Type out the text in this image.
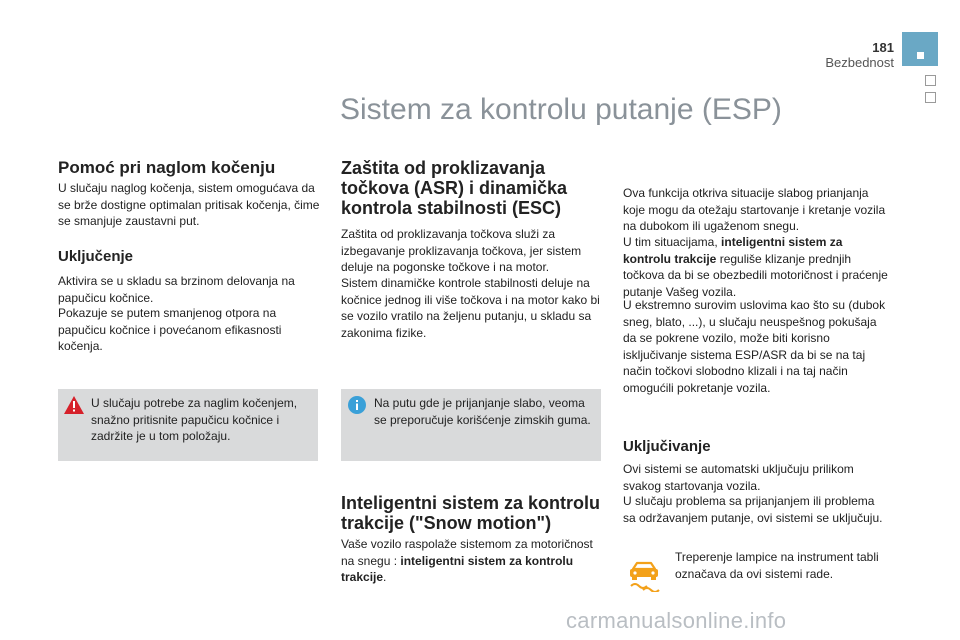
181
Bezbednost
Sistem za kontrolu putanje (ESP)
Pomoć pri naglom kočenju

U slučaju naglog kočenja, sistem omogućava da se brže dostigne optimalan pritisak kočenja, čime se smanjuje zaustavni put.

Uključenje

Aktivira se u skladu sa brzinom delovanja na papučicu kočnice.

Pokazuje se putem smanjenog otpora na papučicu kočnice i povećanom efikasnosti kočenja.

U slučaju potrebe za naglim kočenjem, snažno pritisnite papučicu kočnice i zadržite je u tom položaju.

Zaštita od proklizavanja točkova (ASR) i dinamička kontrola stabilnosti (ESC)

Zaštita od proklizavanja točkova služi za izbegavanje proklizavanja točkova, jer sistem deluje na pogonske točkove i na motor.

Sistem dinamičke kontrole stabilnosti deluje na kočnice jednog ili više točkova i na motor kako bi se vozilo vratilo na željenu putanju, u skladu sa zakonima fizike.

Na putu gde je prijanjanje slabo, veoma se preporučuje korišćenje zimskih guma.

Inteligentni sistem za kontrolu trakcije ("Snow motion")

Vaše vozilo raspolaže sistemom za motoričnost na snegu : inteligentni sistem za kontrolu trakcije.

Ova funkcija otkriva situacije slabog prianjanja koje mogu da otežaju startovanje i kretanje vozila na dubokom ili ugaženom snegu.

U tim situacijama, inteligentni sistem za kontrolu trakcije reguliše klizanje prednjih točkova da bi se obezbedili motoričnost i praćenje putanje Vašeg vozila.

U ekstremno surovim uslovima kao što su (dubok sneg, blato, ...), u slučaju neuspešnog pokušaja da se pokrene vozilo, može biti korisno isključivanje sistema ESP/ASR da bi se na taj način točkovi slobodno klizali i na taj način omogućili pokretanje vozila.

Uključivanje

Ovi sistemi se automatski uključuju prilikom svakog startovanja vozila.

U slučaju problema sa prijanjanjem ili problema sa održavanjem putanje, ovi sistemi se uključuju.

Treperenje lampice na instrument tabli označava da ovi sistemi rade.

carmanualsonline.info
